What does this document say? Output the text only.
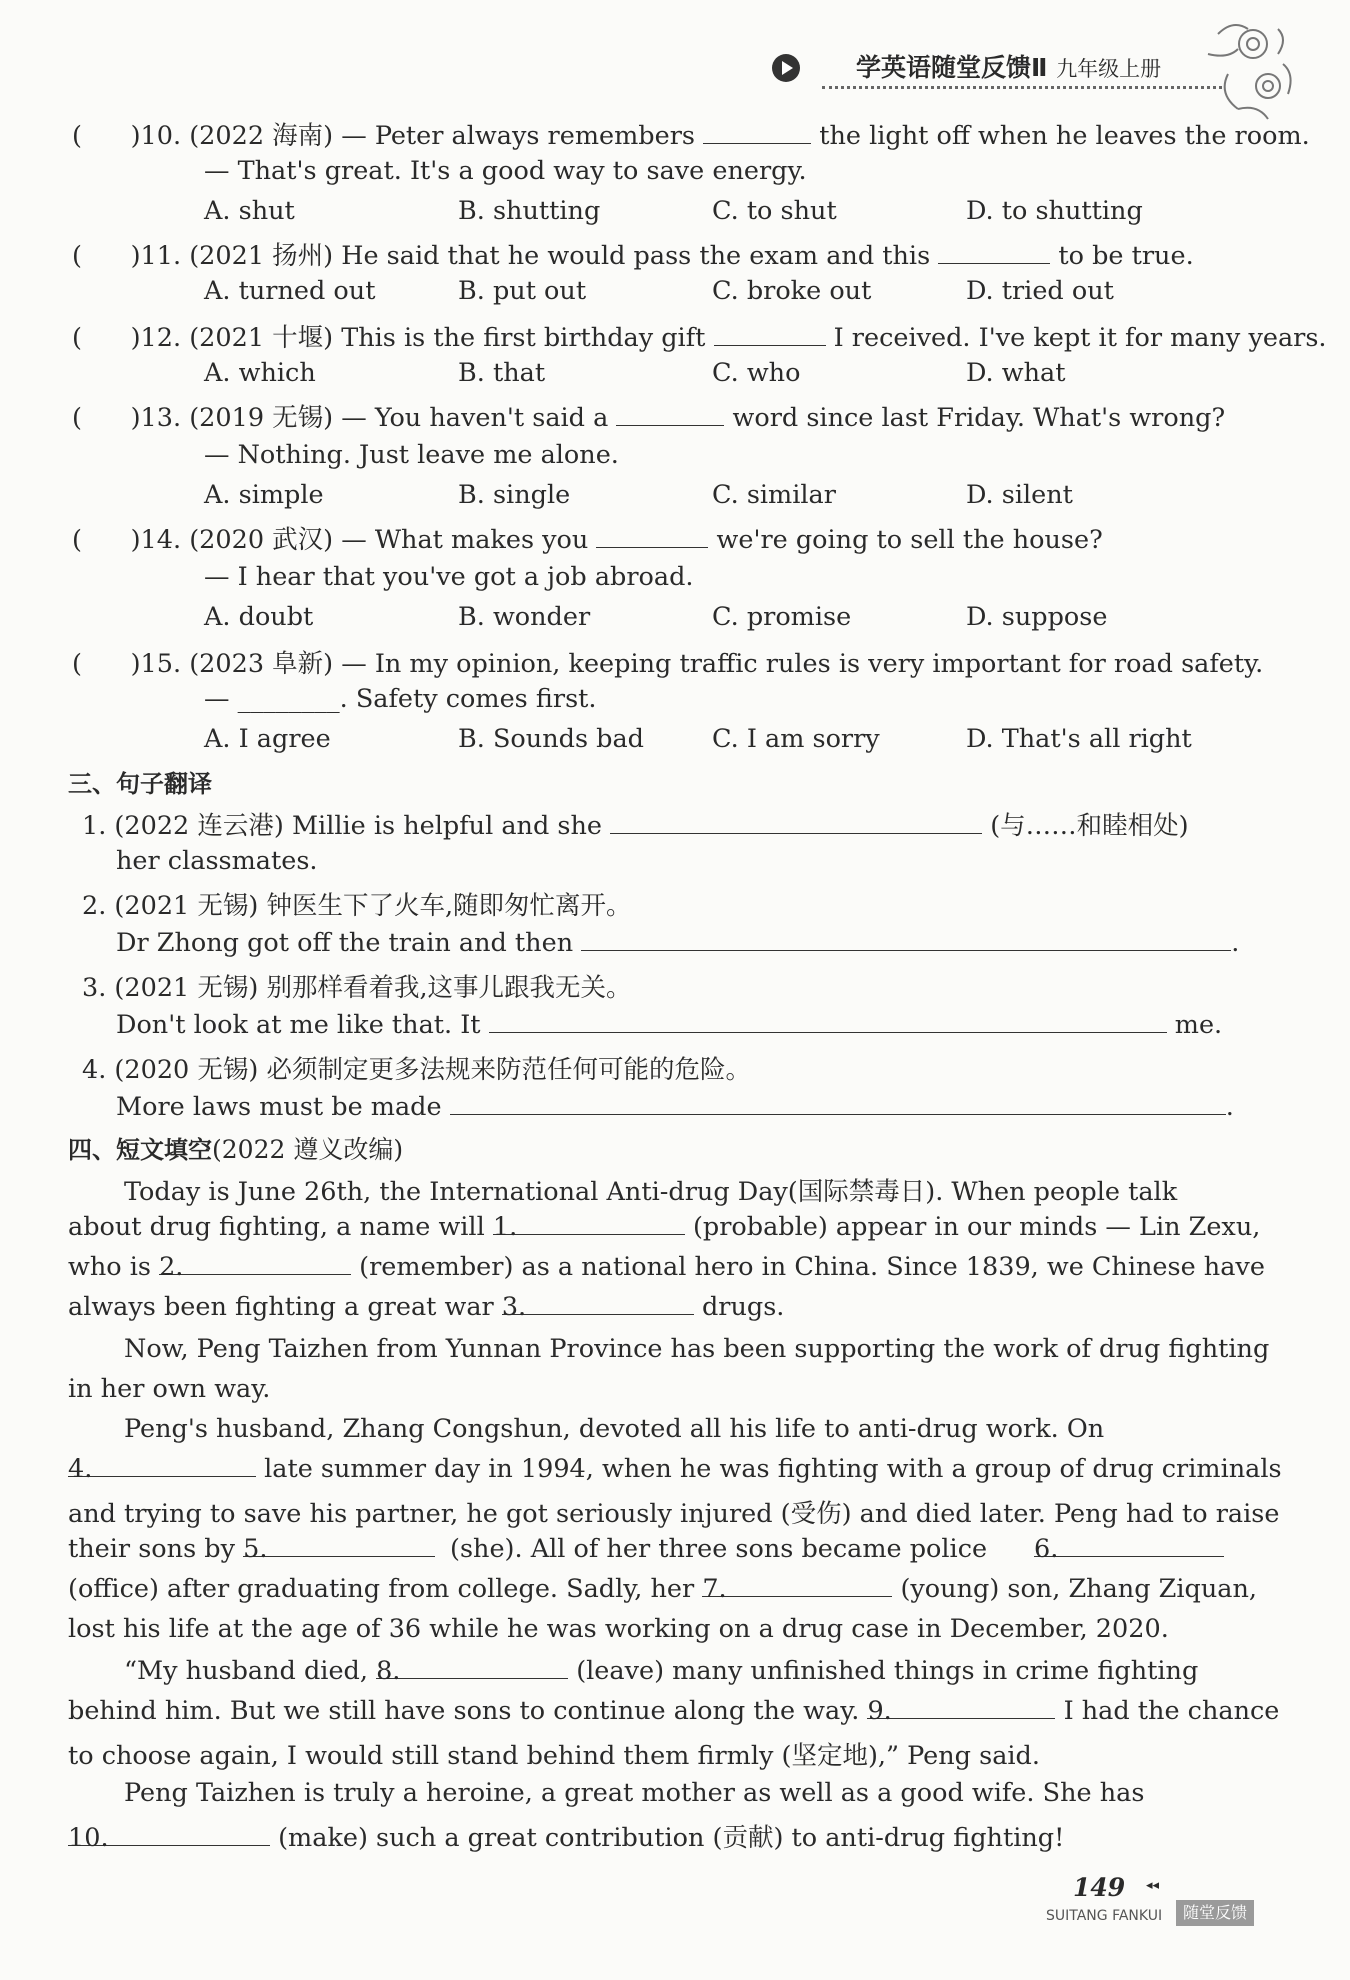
学英语随堂反馈Ⅱ 九年级上册
(      )10. (2022 海南) — Peter always remembers	the light off when he leaves the room.
— That's great. It's a good way to save energy.
A. shut	B. shutting	C. to shut	D. to shutting
(      )11. (2021 扬州) He said that he would pass the exam and this	to be true.
A. turned out	B. put out	C. broke out	D. tried out
(      )12. (2021 十堰) This is the first birthday gift	I received. I've kept it for many years.
A. which	B. that	C. who	D. what
(      )13. (2019 无锡) — You haven't said a	word since last Friday. What's wrong?
— Nothing. Just leave me alone.
A. simple	B. single	C. similar	D. silent
(      )14. (2020 武汉) — What makes you	we're going to sell the house?
— I hear that you've got a job abroad.
A. doubt	B. wonder	C. promise	D. suppose
(      )15. (2023 阜新) — In my opinion, keeping traffic rules is very important for road safety.
— ________. Safety comes first.
A. I agree	B. Sounds bad	C. I am sorry	D. That's all right
三、句子翻译
1. (2022 连云港) Millie is helpful and she	(与……和睦相处)
her classmates.
2. (2021 无锡) 钟医生下了火车,随即匆忙离开。
Dr Zhong got off the train and then	.
3. (2021 无锡) 别那样看着我,这事儿跟我无关。
Don't look at me like that. It	me.
4. (2020 无锡) 必须制定更多法规来防范任何可能的危险。
More laws must be made	.
四、短文填空(2022 遵义改编)
Today is June 26th, the International Anti-drug Day(国际禁毒日). When people talk
about drug fighting, a name will 1.	(probable) appear in our minds — Lin Zexu,
who is 2.	(remember) as a national hero in China. Since 1839, we Chinese have
always been fighting a great war 3.	drugs.
Now, Peng Taizhen from Yunnan Province has been supporting the work of drug fighting
in her own way.
Peng's husband, Zhang Congshun, devoted all his life to anti-drug work. On
4.	late summer day in 1994, when he was fighting with a group of drug criminals
and trying to save his partner, he got seriously injured (受伤) and died later. Peng had to raise
their sons by 5.	(she). All of her three sons became police 6.
(office) after graduating from college. Sadly, her 7.	(young) son, Zhang Ziquan,
lost his life at the age of 36 while he was working on a drug case in December, 2020.
“My husband died, 8.	(leave) many unfinished things in crime fighting
behind him. But we still have sons to continue along the way. 9.	I had the chance
to choose again, I would still stand behind them firmly (坚定地),” Peng said.
Peng Taizhen is truly a heroine, a great mother as well as a good wife. She has
10.	(make) such a great contribution (贡献) to anti-drug fighting!
149 ◂◂
SUITANG FANKUI	随堂反馈
